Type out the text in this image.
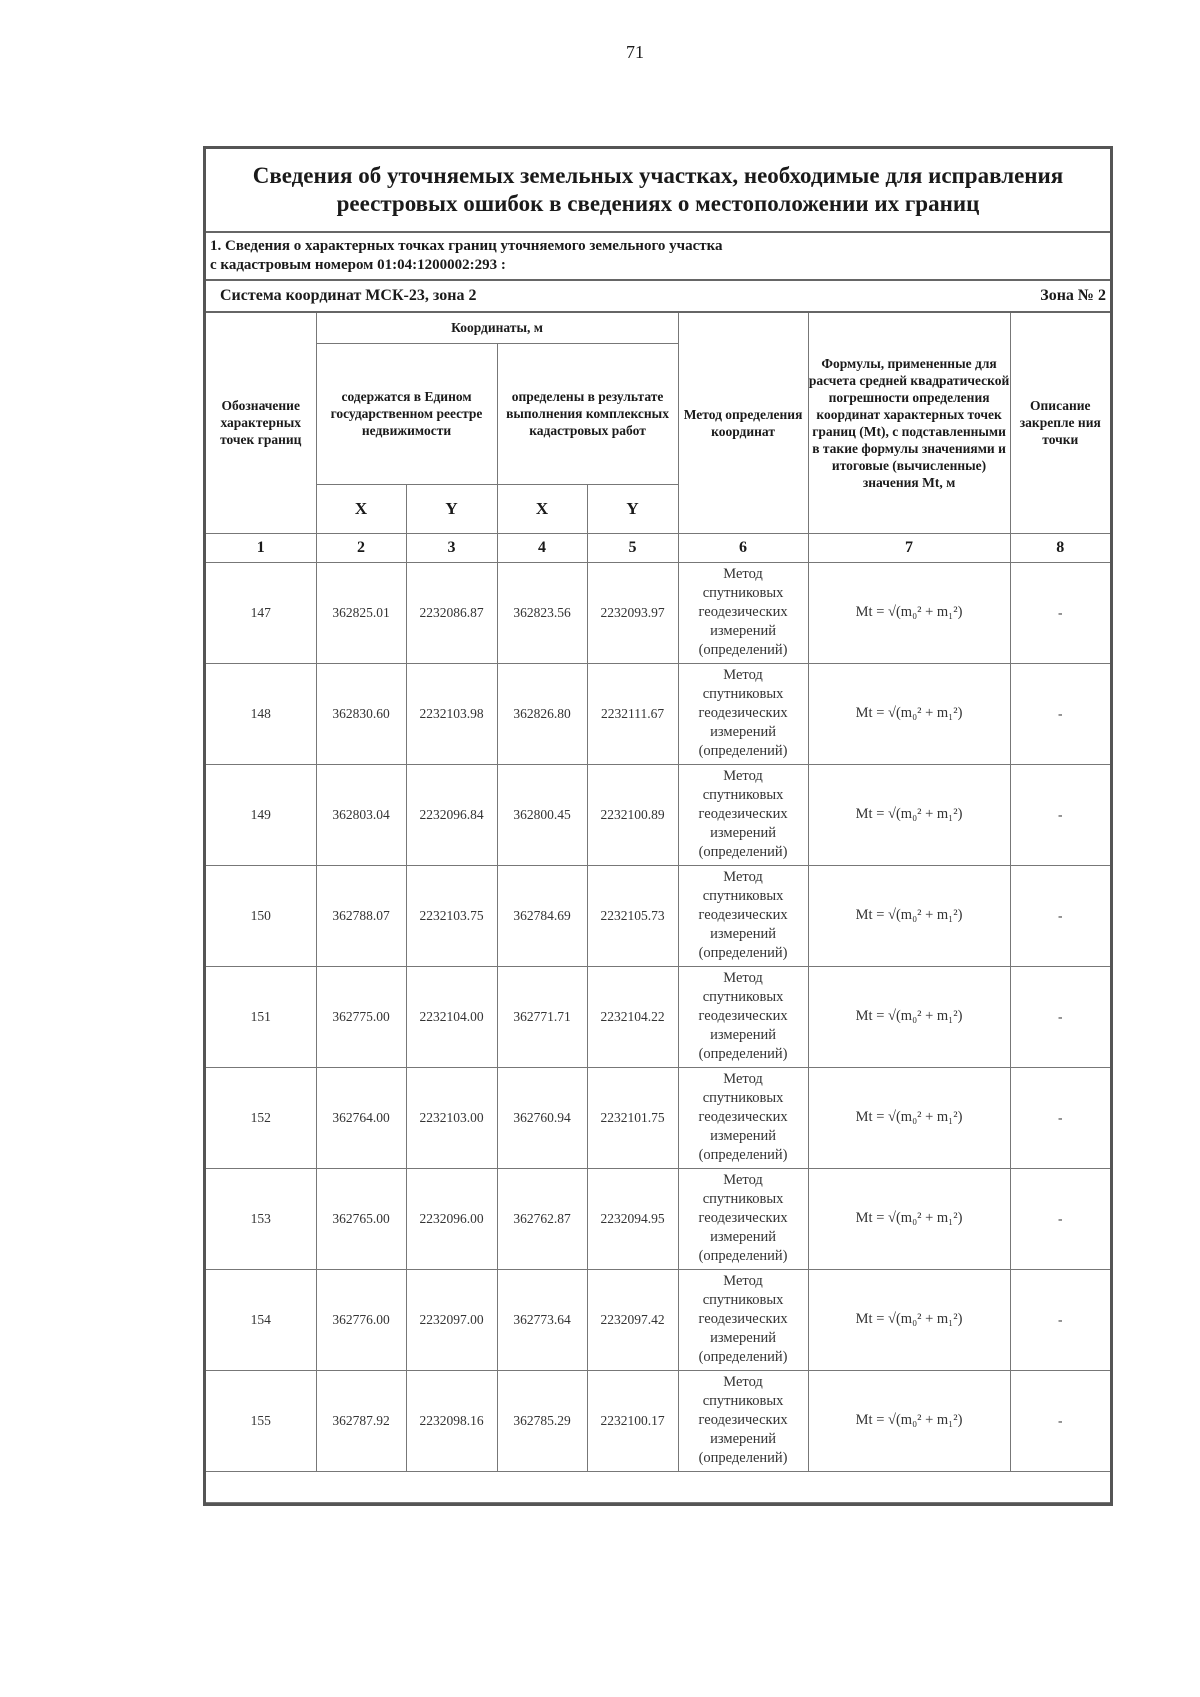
71
Сведения об уточняемых земельных участках, необходимые для исправления
реестровых ошибок в сведениях о местоположении их границ
1. Сведения о характерных точках границ уточняемого земельного участка
с кадастровым номером 01:04:1200002:293 :
Система координат МСК-23, зона 2	Зона № 2
Обозначение характерных точек границ	Координаты, м				Метод определения координат	Формулы, примененные для расчета средней квадратической погрешности определения координат характерных точек границ (Mt), с подставленными в такие формулы значениями и итоговые (вычисленные) значения Mt, м	Описание закрепле ния точки
	содержатся в Едином государственном реестре недвижимости		определены в результате выполнения комплексных кадастровых работ				
	X	Y	X	Y			
1	2	3	4	5	6	7	8
147	362825.01	2232086.87	362823.56	2232093.97	Метод
спутниковых
геодезических
измерений
(определений)	Mt = √(m₀² + m₁²)	-
148	362830.60	2232103.98	362826.80	2232111.67	Метод
спутниковых
геодезических
измерений
(определений)	Mt = √(m₀² + m₁²)	-
149	362803.04	2232096.84	362800.45	2232100.89	Метод
спутниковых
геодезических
измерений
(определений)	Mt = √(m₀² + m₁²)	-
150	362788.07	2232103.75	362784.69	2232105.73	Метод
спутниковых
геодезических
измерений
(определений)	Mt = √(m₀² + m₁²)	-
151	362775.00	2232104.00	362771.71	2232104.22	Метод
спутниковых
геодезических
измерений
(определений)	Mt = √(m₀² + m₁²)	-
152	362764.00	2232103.00	362760.94	2232101.75	Метод
спутниковых
геодезических
измерений
(определений)	Mt = √(m₀² + m₁²)	-
153	362765.00	2232096.00	362762.87	2232094.95	Метод
спутниковых
геодезических
измерений
(определений)	Mt = √(m₀² + m₁²)	-
154	362776.00	2232097.00	362773.64	2232097.42	Метод
спутниковых
геодезических
измерений
(определений)	Mt = √(m₀² + m₁²)	-
155	362787.92	2232098.16	362785.29	2232100.17	Метод
спутниковых
геодезических
измерений
(определений)	Mt = √(m₀² + m₁²)	-
